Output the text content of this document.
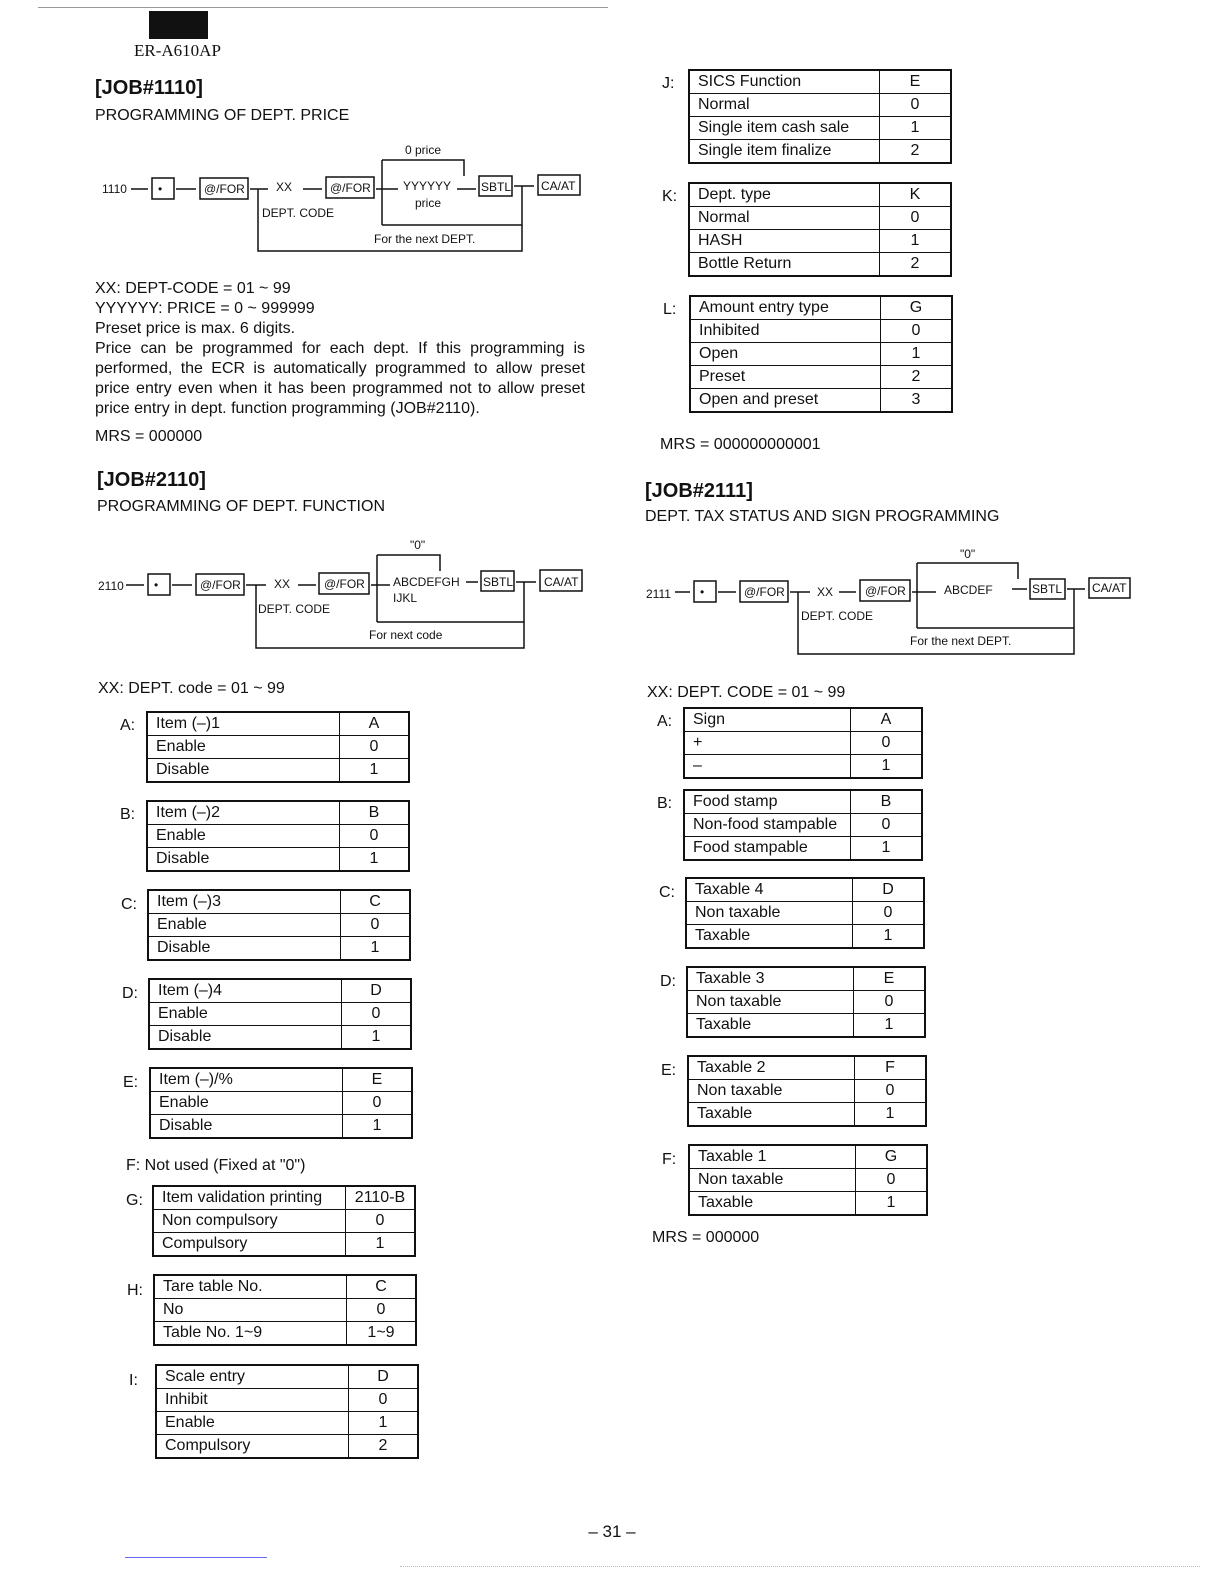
ER-A610AP
[JOB#1110]
PROGRAMMING OF DEPT. PRICE
1110	XX	YYYYYY
price
0 price
DEPT. CODE
For the next DEPT.
•	@/FOR	@/FOR	SBTL CA/AT

XX: DEPT-CODE = 01 ~ 99

YYYYYY: PRICE = 0 ~ 999999

Preset price is max. 6 digits.

Price can be programmed for each dept. If this programming is performed, the ECR is automatically programmed to allow preset price entry even when it has been programmed not to allow preset price entry in dept. function programming (JOB#2110).

MRS = 000000

[JOB#2110]
PROGRAMMING OF DEPT. FUNCTION
2110	XX	ABCDEFGH
IJKL
"0"
DEPT. CODE
For next code
•	@/FOR	@/FOR	SBTL	CA/AT
XX: DEPT. code = 01 ~ 99
A: Item (–)1	A
Enable	0
Disable	1
B: Item (–)2	B
Enable	0
Disable	1
C: Item (–)3	C
Enable	0
Disable	1
D: Item (–)4	D
Enable	0
Disable	1
E: Item (–)/%	E
Enable	0
Disable	1
F: Not used (Fixed at "0")
G: Item validation printing	2110-B
Non compulsory	0
Compulsory	1
H: Tare table No.	C
No	0
Table No. 1~9	1~9
I: Scale entry	D
Inhibit	0
Enable	1
Compulsory	2
J: SICS Function	E
Normal	0
Single item cash sale	1
Single item finalize	2
K: Dept. type	K
Normal	0
HASH	1
Bottle Return	2
L: Amount entry type	G
Inhibited	0
Open	1
Preset	2
Open and preset	3
MRS = 000000000001
[JOB#2111]
DEPT. TAX STATUS AND SIGN PROGRAMMING
2111	XX	ABCDEF
"0"
DEPT. CODE
For the next DEPT.
•	@/FOR	@/FOR	SBTL CA/AT
XX: DEPT. CODE = 01 ~ 99
A: Sign	A
+	0
–	1
B: Food stamp	B
Non-food stampable	0
Food stampable	1
C: Taxable 4	D
Non taxable	0
Taxable	1
D: Taxable 3	E
Non taxable	0
Taxable	1
E: Taxable 2	F
Non taxable	0
Taxable	1
F: Taxable 1	G
Non taxable	0
Taxable	1
MRS = 000000
– 31 –
